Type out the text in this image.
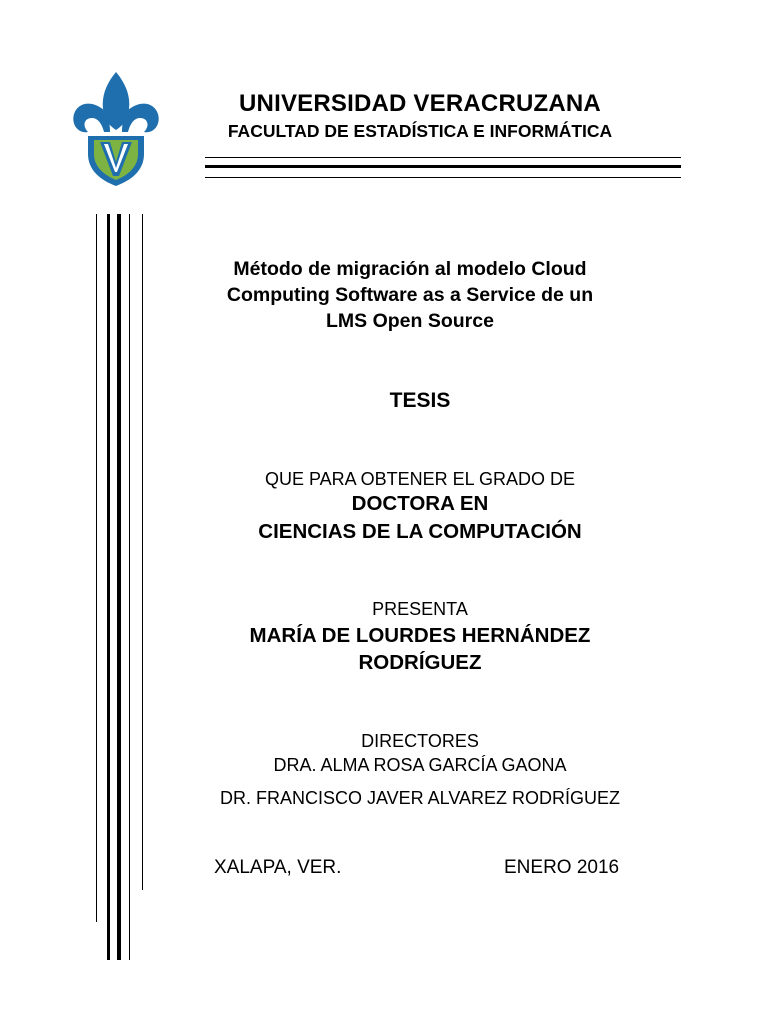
UNIVERSIDAD VERACRUZANA
FACULTAD DE ESTADÍSTICA E INFORMÁTICA
Método de migración al modelo Cloud
Computing Software as a Service de un
LMS Open Source
TESIS
QUE PARA OBTENER EL GRADO DE
DOCTORA EN
CIENCIAS DE LA COMPUTACIÓN
PRESENTA
MARÍA DE LOURDES HERNÁNDEZ
RODRÍGUEZ
DIRECTORES
DRA. ALMA ROSA GARCÍA GAONA
DR. FRANCISCO JAVER ALVAREZ RODRÍGUEZ
XALAPA, VER.	ENERO 2016
